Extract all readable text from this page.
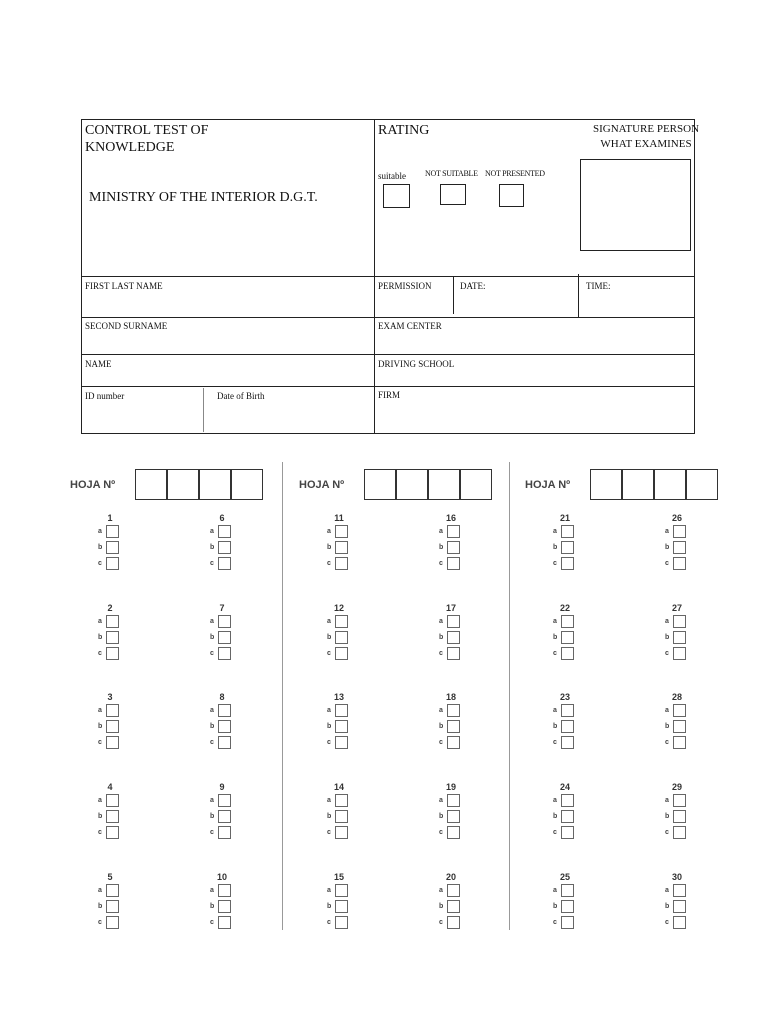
CONTROL TEST OF KNOWLEDGE
MINISTRY OF THE INTERIOR D.G.T.
RATING	SIGNATURE PERSON WHAT EXAMINES
suitable NOT SUITABLE NOT PRESENTED
FIRST LAST NAME	PERMISSION	DATE:	TIME:
SECOND SURNAME	EXAM CENTER
NAME	DRIVING SCHOOL
ID number	Date of Birth	FIRM
HOJA Nº
1
a
b
c
2
a
b
c
3
a
b
c
4
a
b
c
5
a
b
c
6
a
b
c
7
a
b
c
8
a
b
c
9
a
b
c
10
a
b
c
HOJA Nº
11
a
b
c
12
a
b
c
13
a
b
c
14
a
b
c
15
a
b
c
16
a
b
c
17
a
b
c
18
a
b
c
19
a
b
c
20
a
b
c
HOJA Nº
21
a
b
c
22
a
b
c
23
a
b
c
24
a
b
c
25
a
b
c
26
a
b
c
27
a
b
c
28
a
b
c
29
a
b
c
30
a
b
c
